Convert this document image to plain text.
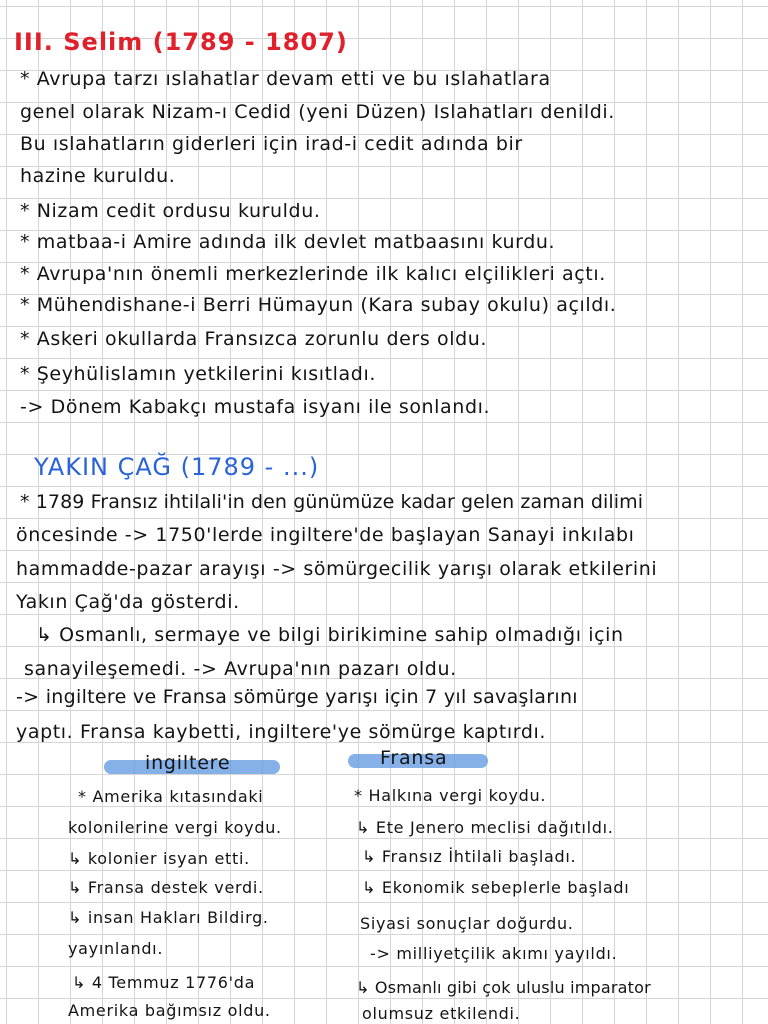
III. Selim (1789 - 1807)
* Avrupa tarzı ıslahatlar devam etti ve bu ıslahatlara
genel olarak Nizam-ı Cedid (yeni Düzen) Islahatları denildi.
Bu ıslahatların giderleri için irad-i cedit adında bir
hazine kuruldu.
* Nizam cedit ordusu kuruldu.
* matbaa-i Amire adında ilk devlet matbaasını kurdu.
* Avrupa'nın önemli merkezlerinde ilk kalıcı elçilikleri açtı.
* Mühendishane-i Berri Hümayun (Kara subay okulu) açıldı.
* Askeri okullarda Fransızca zorunlu ders oldu.
* Şeyhülislamın yetkilerini kısıtladı.
-> Dönem Kabakçı mustafa isyanı ile sonlandı.
YAKIN ÇAĞ (1789 - ...)
* 1789 Fransız ihtilali'in den günümüze kadar gelen zaman dilimi
öncesinde -> 1750'lerde ingiltere'de başlayan Sanayi inkılabı
hammadde-pazar arayışı -> sömürgecilik yarışı olarak etkilerini
Yakın Çağ'da gösterdi.
↳ Osmanlı, sermaye ve bilgi birikimine sahip olmadığı için
sanayileşemedi. -> Avrupa'nın pazarı oldu.
-> ingiltere ve Fransa sömürge yarışı için 7 yıl savaşlarını
yaptı. Fransa kaybetti, ingiltere'ye sömürge kaptırdı.
ingiltere	Fransa
* Amerika kıtasındaki
kolonilerine vergi koydu.
↳ kolonier isyan etti.
↳ Fransa destek verdi.
↳ insan Hakları Bildirg.
yayınlandı.
↳ 4 Temmuz 1776'da
Amerika bağımsız oldu.
* Halkına vergi koydu.
↳ Ete Jenero meclisi dağıtıldı.
↳ Fransız İhtilali başladı.
↳ Ekonomik sebeplerle başladı
Siyasi sonuçlar doğurdu.
-> milliyetçilik akımı yayıldı.
↳ Osmanlı gibi çok uluslu imparator
olumsuz etkilendi.
